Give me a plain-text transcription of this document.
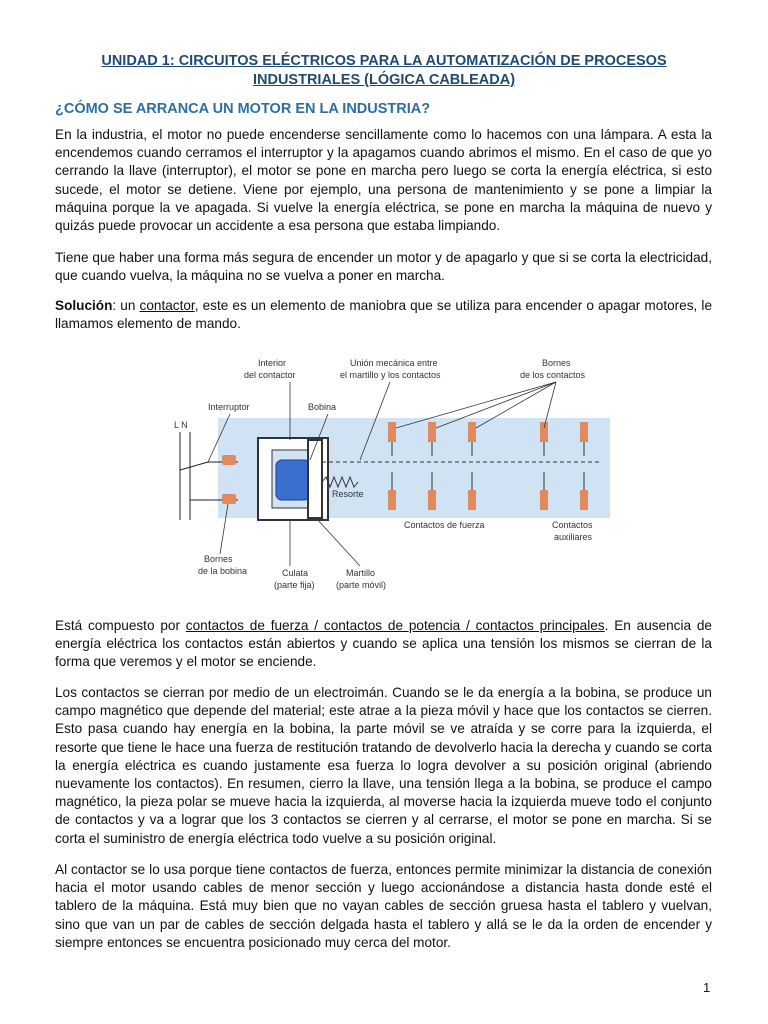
UNIDAD 1: CIRCUITOS ELÉCTRICOS PARA LA AUTOMATIZACIÓN DE PROCESOS INDUSTRIALES (LÓGICA CABLEADA)
¿CÓMO SE ARRANCA UN MOTOR EN LA INDUSTRIA?

En la industria, el motor no puede encenderse sencillamente como lo hacemos con una lámpara. A esta la encendemos cuando cerramos el interruptor y la apagamos cuando abrimos el mismo. En el caso de que yo cerrando la llave (interruptor), el motor se pone en marcha pero luego se corta la energía eléctrica, si esto sucede, el motor se detiene. Viene por ejemplo, una persona de mantenimiento y se pone a limpiar la máquina porque la ve apagada. Si vuelve la energía eléctrica, se pone en marcha la máquina de nuevo y quizás puede provocar un accidente a esa persona que estaba limpiando.

Tiene que haber una forma más segura de encender un motor y de apagarlo y que si se corta la electricidad, que cuando vuelva, la máquina no se vuelva a poner en marcha.

Solución: un contactor, este es un elemento de maniobra que se utiliza para encender o apagar motores, le llamamos elemento de mando.

L N
Resorte
Interior
del contactor
Unión mecánica entre
el martillo y los contactos
Bornes
de los contactos
Interruptor	Bobina
Contactos de fuerza	Contactos
auxiliares
Bornes
de la bobina	Culata
(parte fija)
Martillo
(parte móvil)

Está compuesto por contactos de fuerza / contactos de potencia / contactos principales. En ausencia de energía eléctrica los contactos están abiertos y cuando se aplica una tensión los mismos se cierran de la forma que veremos y el motor se enciende.

Los contactos se cierran por medio de un electroimán. Cuando se le da energía a la bobina, se produce un campo magnético que depende del material; este atrae a la pieza móvil y hace que los contactos se cierren. Esto pasa cuando hay energía en la bobina, la parte móvil se ve atraída y se corre para la izquierda, el resorte que tiene le hace una fuerza de restitución tratando de devolverlo hacia la derecha y cuando se corta la energía eléctrica es cuando justamente esa fuerza lo logra devolver a su posición original (abriendo nuevamente los contactos). En resumen, cierro la llave, una tensión llega a la bobina, se produce el campo magnético, la pieza polar se mueve hacia la izquierda, al moverse hacia la izquierda mueve todo el conjunto de contactos y va a lograr que los 3 contactos se cierren y al cerrarse, el motor se pone en marcha. Si se corta el suministro de energía eléctrica todo vuelve a su posición original.

Al contactor se lo usa porque tiene contactos de fuerza, entonces permite minimizar la distancia de conexión hacia el motor usando cables de menor sección y luego accionándose a distancia hasta donde esté el tablero de la máquina. Está muy bien que no vayan cables de sección gruesa hasta el tablero y vuelvan, sino que van un par de cables de sección delgada hasta el tablero y allá se le da la orden de encender y siempre entonces se encuentra posicionado muy cerca del motor.

1
